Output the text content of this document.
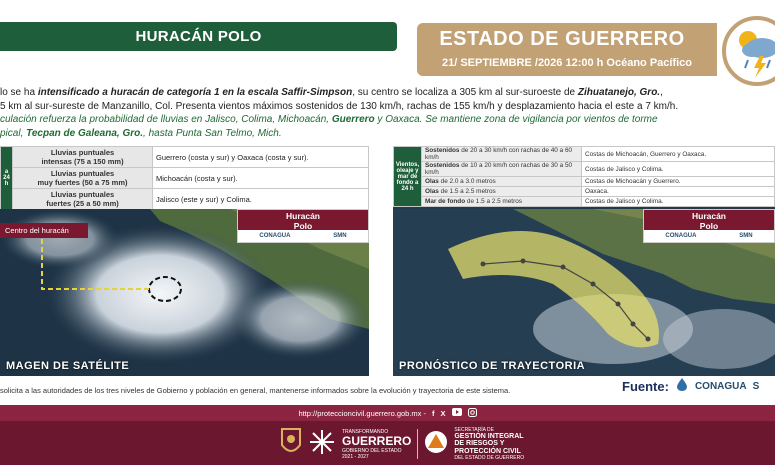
HURACÁN POLO	ESTADO DE GUERRERO
21/ SEPTIEMBRE /2026 12:00 h Océano Pacífico

lo se ha intensificado a huracán de categoría 1 en la escala Saffir-Simpson, su centro se localiza a 305 km al sur-suroeste de Zihuatanejo, Gro.,

5 km al sur-sureste de Manzanillo, Col. Presenta vientos máximos sostenidos de 130 km/h, rachas de 155 km/h y desplazamiento hacia el este a 7 km/h.

culación refuerza la probabilidad de lluvias en Jalisco, Colima, Michoacán, Guerrero y Oaxaca. Se mantiene zona de vigilancia por vientos de torme

pical, Tecpan de Galeana, Gro., hasta Punta San Telmo, Mich.

a 24 h	Lluvias puntuales
intensas (75 a 150 mm)	Guerrero (costa y sur) y Oaxaca (costa y sur).

	Lluvias puntuales
muy fuertes (50 a 75 mm)	Michoacán (costa y sur).

	Lluvias puntuales
fuertes (25 a 50 mm)	Jalisco (este y sur) y Colima.
Centro del huracán
Huracán
Polo
CONAGUA	SMN
MAGEN DE SATÉLITE
Vientos, oleaje y mar de fondo a 24 h	Sostenidos de 20 a 30 km/h con rachas de 40 a 60 km/h	Costas de Michoacán, Guerrero y Oaxaca.
	Sostenidos de 10 a 20 km/h con rachas de 30 a 50 km/h	Costas de Jalisco y Colima.
	Olas de 2.0 a 3.0 metros	Costas de Michoacán y Guerrero.
	Olas de 1.5 a 2.5 metros	Oaxaca.
	Mar de fondo de 1.5 a 2.5 metros	Costas de Jalisco y Colima.
Huracán
Polo
CONAGUA	SMN
PRONÓSTICO DE TRAYECTORIA
solicita a las autoridades de los tres niveles de Gobierno y población en general, mantenerse informados sobre la evolución y trayectoria de este sistema.	Fuente:	CONAGUA S
http://proteccioncivil.guerrero.gob.mx - f X
TRANSFORMANDO
GUERRERO
GOBIERNO DEL ESTADO
2021 - 2027
SECRETARÍA DE
GESTIÓN INTEGRAL
DE RIESGOS Y
PROTECCIÓN CIVIL
DEL ESTADO DE GUERRERO
